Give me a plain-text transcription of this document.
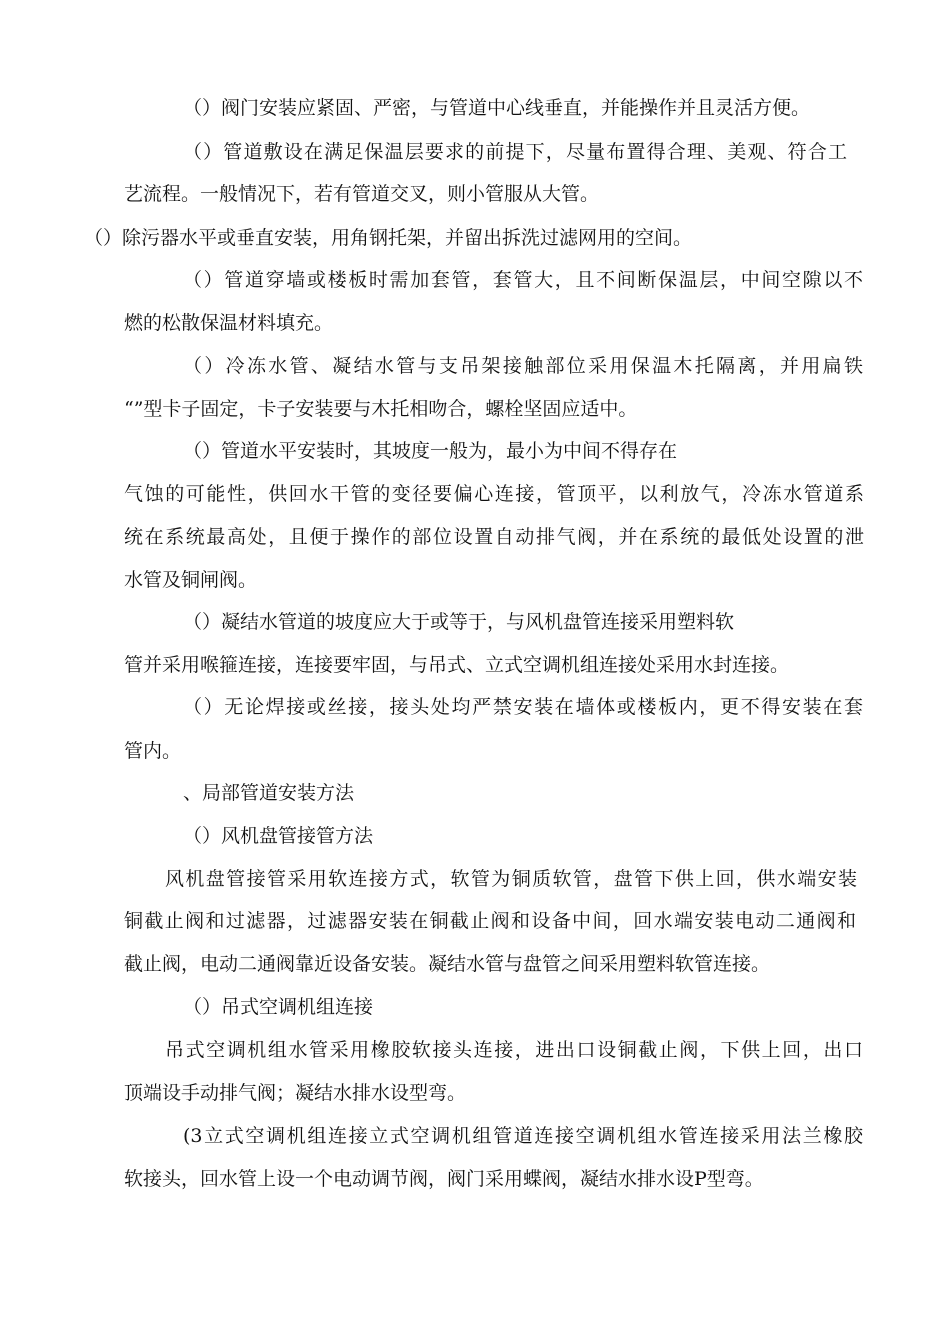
（）阀门安装应紧固、严密，与管道中心线垂直，并能操作并且灵活方便。
（）管道敷设在满足保温层要求的前提下，尽量布置得合理、美观、符合工
艺流程。一般情况下，若有管道交叉，则小管服从大管。
（）除污器水平或垂直安装，用角钢托架，并留出拆洗过滤网用的空间。
（）管道穿墙或楼板时需加套管，套管大，且不间断保温层，中间空隙以不
燃的松散保温材料填充。
（）冷冻水管、凝结水管与支吊架接触部位采用保温木托隔离，并用扁铁
“”型卡子固定，卡子安装要与木托相吻合，螺栓坚固应适中。
（）管道水平安装时，其坡度一般为，最小为中间不得存在
气蚀的可能性，供回水干管的变径要偏心连接，管顶平，以利放气，冷冻水管道系
统在系统最高处，且便于操作的部位设置自动排气阀，并在系统的最低处设置的泄
水管及铜闸阀。
（）凝结水管道的坡度应大于或等于，与风机盘管连接采用塑料软
管并采用喉箍连接，连接要牢固，与吊式、立式空调机组连接处采用水封连接。
（）无论焊接或丝接，接头处均严禁安装在墙体或楼板内，更不得安装在套
管内。
、局部管道安装方法
（）风机盘管接管方法
风机盘管接管采用软连接方式，软管为铜质软管，盘管下供上回，供水端安装
铜截止阀和过滤器，过滤器安装在铜截止阀和设备中间，回水端安装电动二通阀和
截止阀，电动二通阀靠近设备安装。凝结水管与盘管之间采用塑料软管连接。
（）吊式空调机组连接
吊式空调机组水管采用橡胶软接头连接，进出口设铜截止阀，下供上回，出口
顶端设手动排气阀；凝结水排水设型弯。
(3立式空调机组连接立式空调机组管道连接空调机组水管连接采用法兰橡胶
软接头，回水管上设一个电动调节阀，阀门采用蝶阀，凝结水排水设P型弯。
